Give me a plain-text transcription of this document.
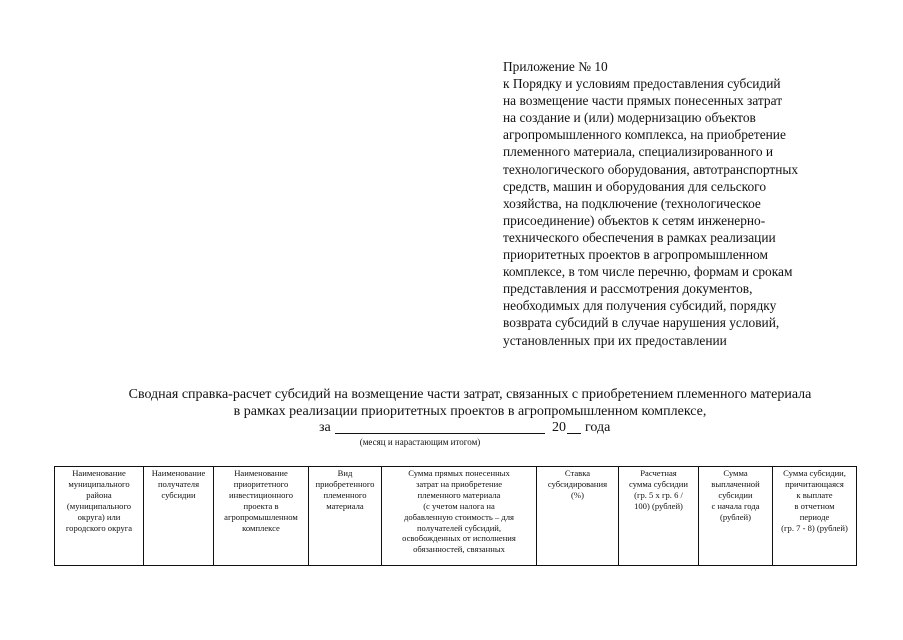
Приложение № 10
к Порядку и условиям предоставления субсидий
на возмещение части прямых понесенных затрат
на создание и (или) модернизацию объектов
агропромышленного комплекса, на приобретение
племенного материала, специализированного и
технологического оборудования, автотранспортных
средств, машин и оборудования для сельского
хозяйства, на подключение (технологическое
присоединение) объектов к сетям инженерно-
технического обеспечения в рамках реализации
приоритетных проектов в агропромышленном
комплексе, в том числе перечню, формам и срокам
представления и рассмотрения документов,
необходимых для получения субсидий, порядку
возврата субсидий в случае нарушения условий,
установленных при их предоставлении
Сводная справка-расчет субсидий на возмещение части затрат, связанных с приобретением племенного материала
в рамках реализации приоритетных проектов в агропромышленном комплексе,
за	20 года
(месяц и нарастающим итогом)
Наименование
муниципального
района
(муниципального
округа) или
городского округа

Наименование
получателя
субсидии

Наименование
приоритетного
инвестиционного
проекта в
агропромышленном
комплексе

Вид
приобретенного
племенного
материала

Сумма прямых понесенных
затрат на приобретение
племенного материала
(с учетом налога на
добавленную стоимость – для
получателей субсидий,
освобожденных от исполнения
обязанностей, связанных

Ставка
субсидирования
(%)

Расчетная
сумма субсидии
(гр. 5 х гр. 6 /
100) (рублей)

Сумма
выплаченной
субсидии
с начала года
(рублей)

Сумма субсидии,
причитающаяся
к выплате
в отчетном
периоде
(гр. 7 - 8) (рублей)
